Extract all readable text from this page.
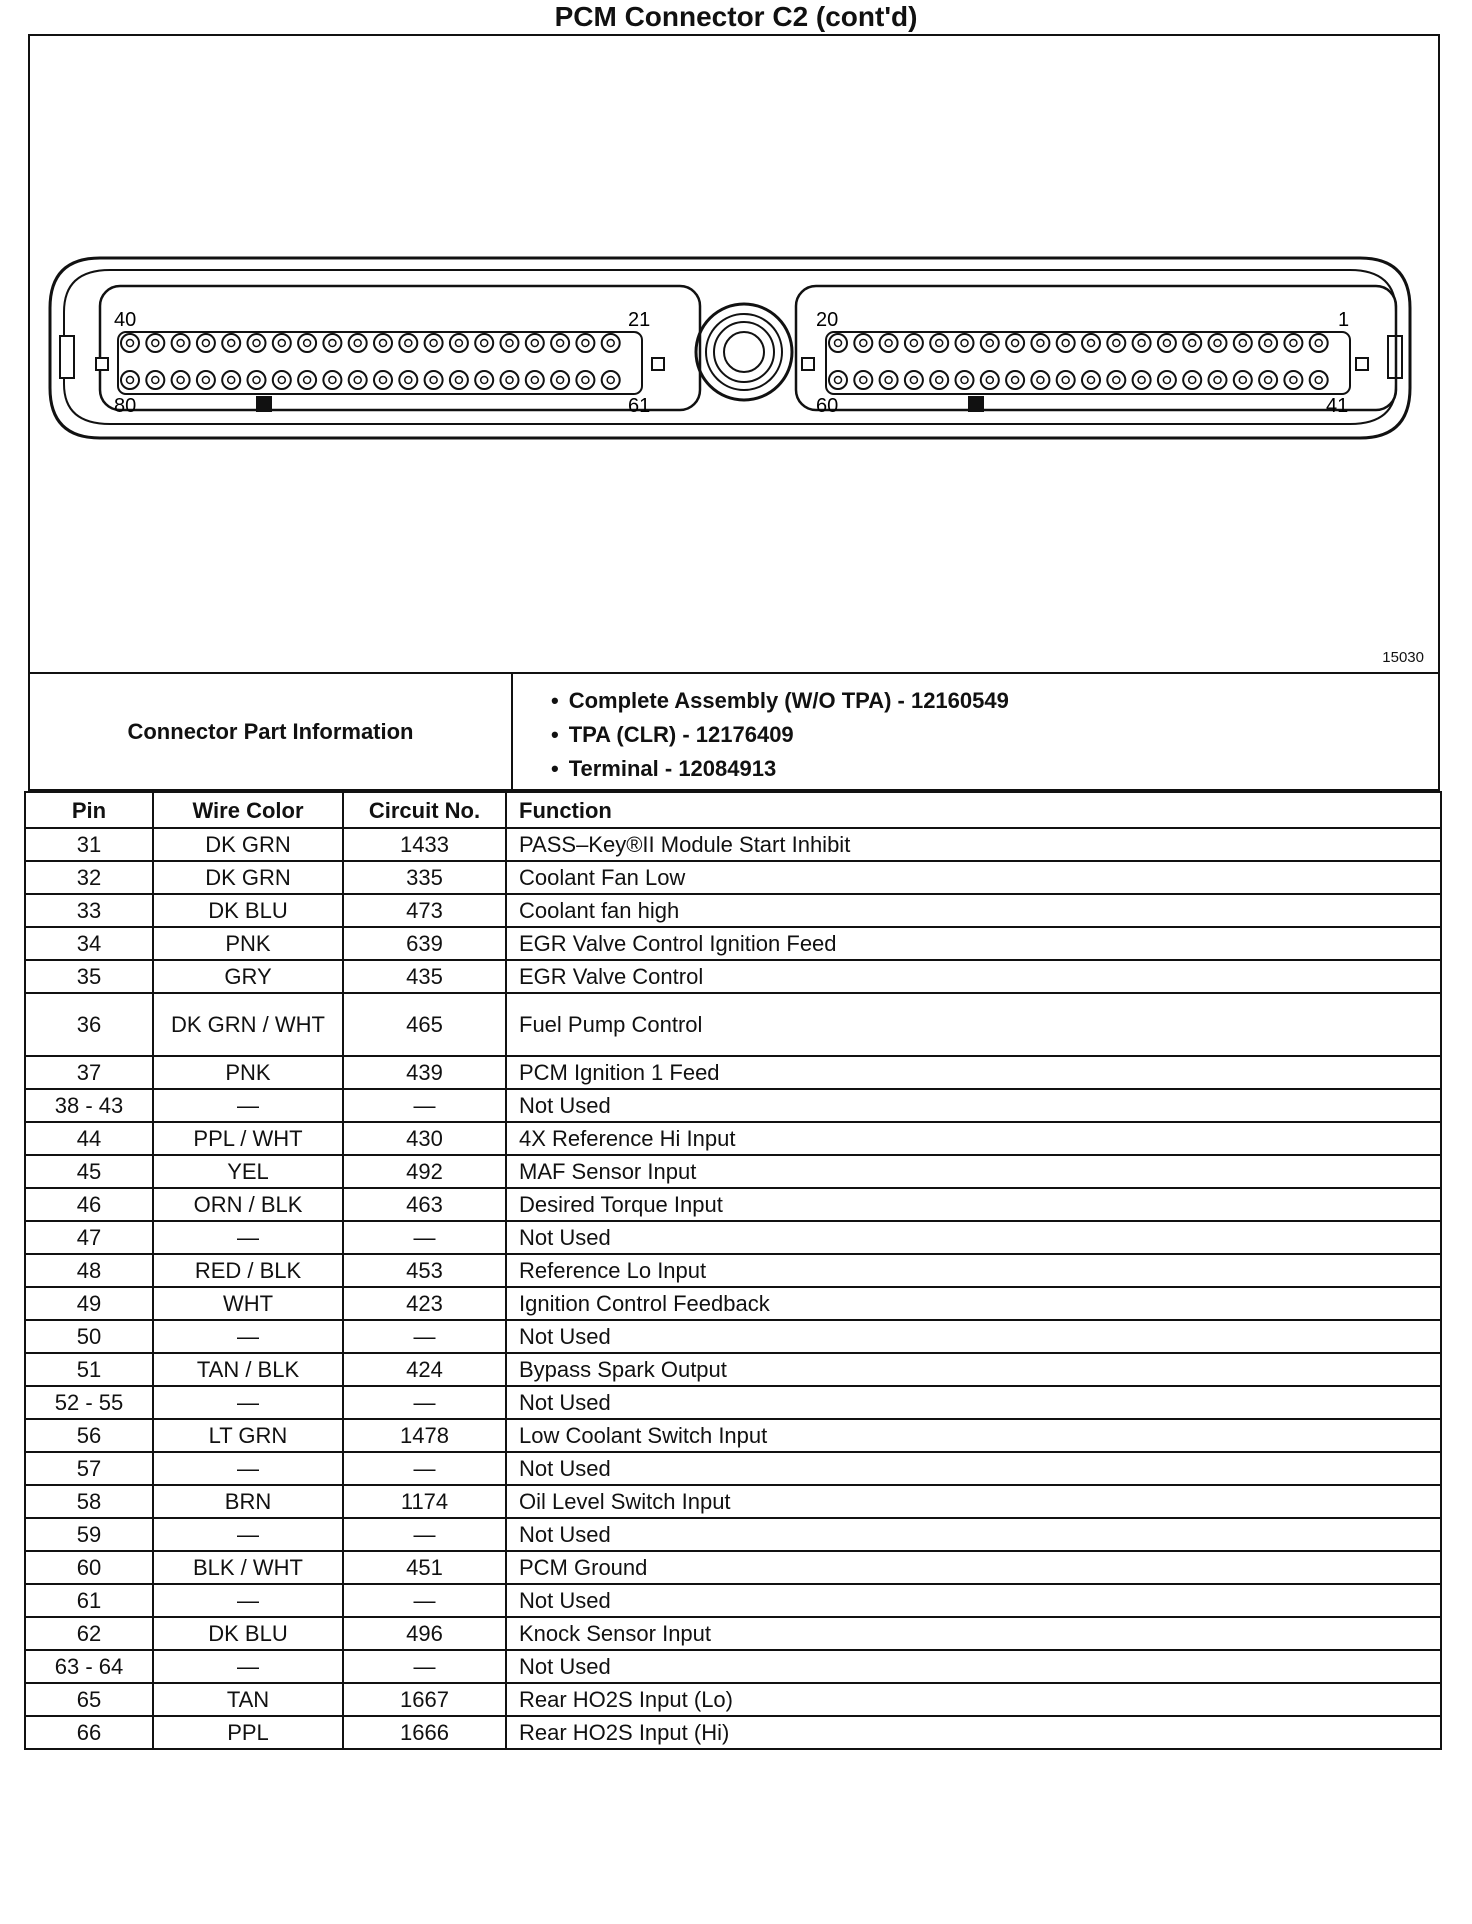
PCM Connector C2 (cont'd)
40	21
80	61
20	1
60	41
15030
Connector Part Information
• Complete Assembly (W/O TPA) - 12160549
• TPA (CLR) - 12176409
• Terminal - 12084913
Pin	Wire Color	Circuit No.	Function
31	DK GRN	1433	PASS–Key®II Module Start Inhibit
32	DK GRN	335	Coolant Fan Low
33	DK BLU	473	Coolant fan high
34	PNK	639	EGR Valve Control Ignition Feed
35	GRY	435	EGR Valve Control
36	DK GRN / WHT	465	Fuel Pump Control
37	PNK	439	PCM Ignition 1 Feed
38 - 43	—	—	Not Used
44	PPL / WHT	430	4X Reference Hi Input
45	YEL	492	MAF Sensor Input
46	ORN / BLK	463	Desired Torque Input
47	—	—	Not Used
48	RED / BLK	453	Reference Lo Input
49	WHT	423	Ignition Control Feedback
50	—	—	Not Used
51	TAN / BLK	424	Bypass Spark Output
52 - 55	—	—	Not Used
56	LT GRN	1478	Low Coolant Switch Input
57	—	—	Not Used
58	BRN	1174	Oil Level Switch Input
59	—	—	Not Used
60	BLK / WHT	451	PCM Ground
61	—	—	Not Used
62	DK BLU	496	Knock Sensor Input
63 - 64	—	—	Not Used
65	TAN	1667	Rear HO2S Input (Lo)
66	PPL	1666	Rear HO2S Input (Hi)
